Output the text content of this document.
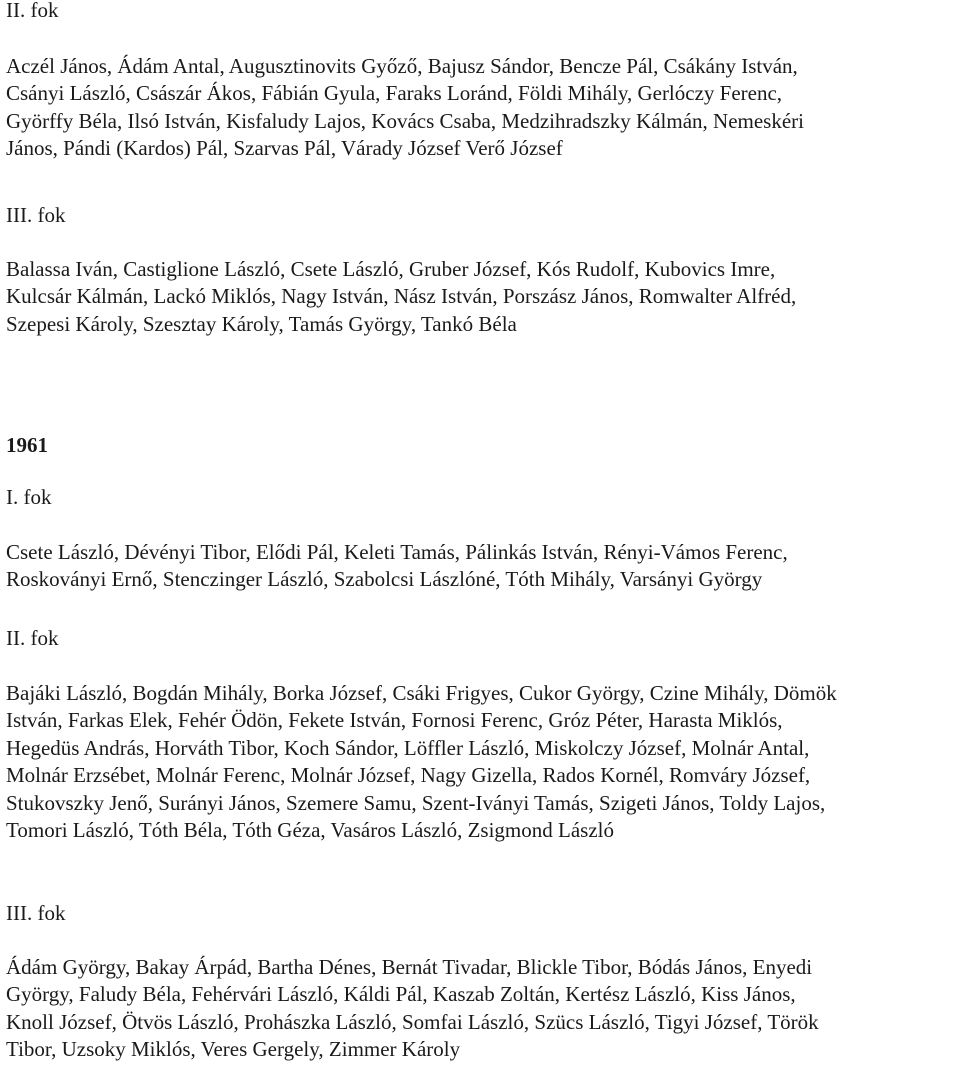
II. fok
Aczél János, Ádám Antal, Augusztinovits Győző, Bajusz Sándor, Bencze Pál, Csákány István,
Csányi László, Császár Ákos, Fábián Gyula, Faraks Loránd, Földi Mihály, Gerlóczy Ferenc,
Györffy Béla, Ilsó István, Kisfaludy Lajos, Kovács Csaba, Medzihradszky Kálmán, Nemeskéri
János, Pándi (Kardos) Pál, Szarvas Pál, Várady József Verő József
III. fok
Balassa Iván, Castiglione László, Csete László, Gruber József, Kós Rudolf, Kubovics Imre,
Kulcsár Kálmán, Lackó Miklós, Nagy István, Nász István, Porszász János, Romwalter Alfréd,
Szepesi Károly, Szesztay Károly, Tamás György, Tankó Béla
1961
I. fok
Csete László, Dévényi Tibor, Elődi Pál, Keleti Tamás, Pálinkás István, Rényi-Vámos Ferenc,
Roskoványi Ernő, Stenczinger László, Szabolcsi Lászlóné, Tóth Mihály, Varsányi György
II. fok
Bajáki László, Bogdán Mihály, Borka József, Csáki Frigyes, Cukor György, Czine Mihály, Dömök
István, Farkas Elek, Fehér Ödön, Fekete István, Fornosi Ferenc, Gróz Péter, Harasta Miklós,
Hegedüs András, Horváth Tibor, Koch Sándor, Löffler László, Miskolczy József, Molnár Antal,
Molnár Erzsébet, Molnár Ferenc, Molnár József, Nagy Gizella, Rados Kornél, Romváry József,
Stukovszky Jenő, Surányi János, Szemere Samu, Szent-Iványi Tamás, Szigeti János, Toldy Lajos,
Tomori László, Tóth Béla, Tóth Géza, Vasáros László, Zsigmond László
III. fok
Ádám György, Bakay Árpád, Bartha Dénes, Bernát Tivadar, Blickle Tibor, Bódás János, Enyedi
György, Faludy Béla, Fehérvári László, Káldi Pál, Kaszab Zoltán, Kertész László, Kiss János,
Knoll József, Ötvös László, Prohászka László, Somfai László, Szücs László, Tigyi József, Török
Tibor, Uzsoky Miklós, Veres Gergely, Zimmer Károly
